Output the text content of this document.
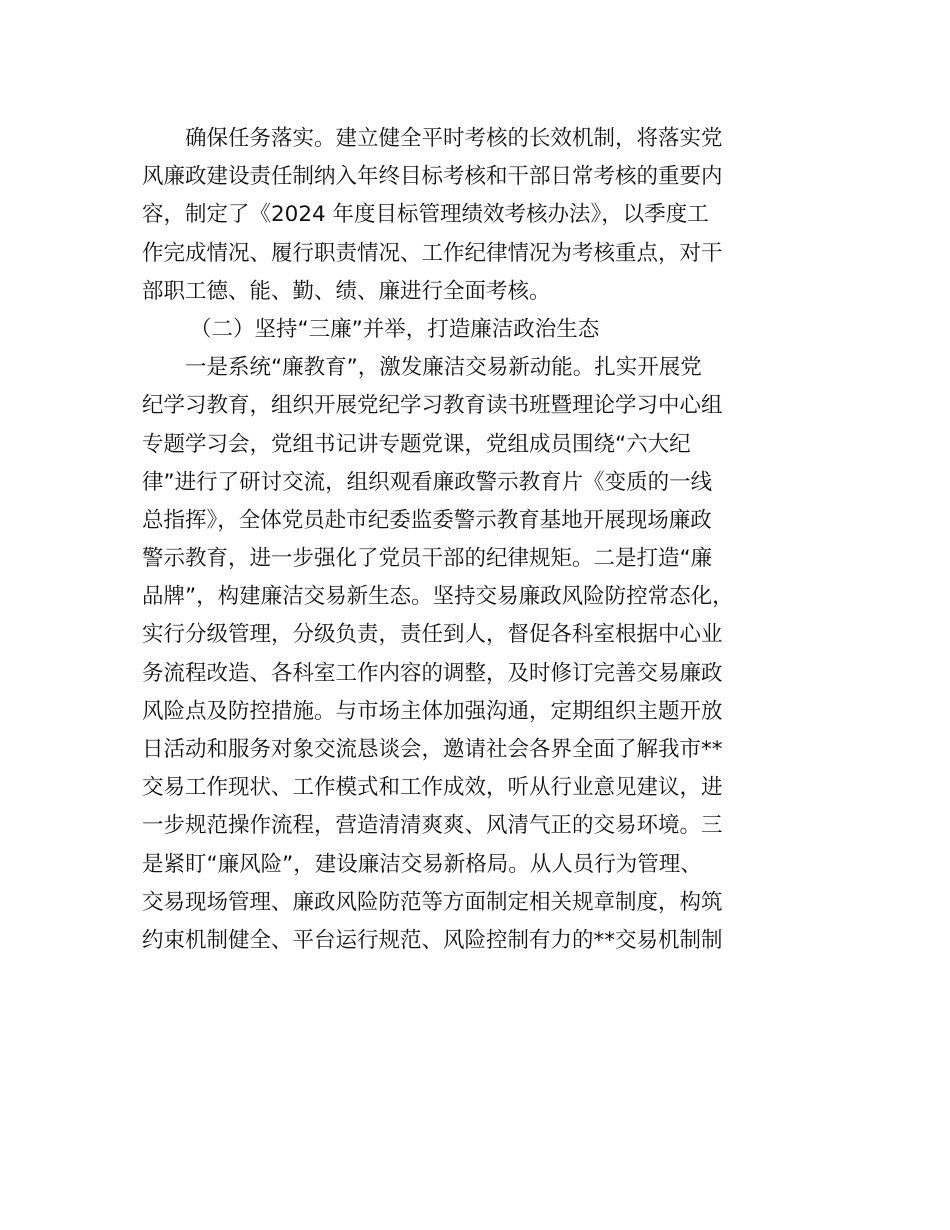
确保任务落实。建立健全平时考核的长效机制，将落实党
风廉政建设责任制纳入年终目标考核和干部日常考核的重要内
容，制定了《2024 年度目标管理绩效考核办法》，以季度工
作完成情况、履行职责情况、工作纪律情况为考核重点，对干
部职工德、能、勤、绩、廉进行全面考核。
（二）坚持“三廉”并举，打造廉洁政治生态
一是系统“廉教育”，激发廉洁交易新动能。扎实开展党
纪学习教育，组织开展党纪学习教育读书班暨理论学习中心组
专题学习会，党组书记讲专题党课，党组成员围绕“六大纪
律”进行了研讨交流，组织观看廉政警示教育片《变质的一线
总指挥》，全体党员赴市纪委监委警示教育基地开展现场廉政
警示教育，进一步强化了党员干部的纪律规矩。二是打造“廉
品牌”，构建廉洁交易新生态。坚持交易廉政风险防控常态化，
实行分级管理，分级负责，责任到人，督促各科室根据中心业
务流程改造、各科室工作内容的调整，及时修订完善交易廉政
风险点及防控措施。与市场主体加强沟通，定期组织主题开放
日活动和服务对象交流恳谈会，邀请社会各界全面了解我市**
交易工作现状、工作模式和工作成效，听从行业意见建议，进
一步规范操作流程，营造清清爽爽、风清气正的交易环境。三
是紧盯“廉风险”，建设廉洁交易新格局。从人员行为管理、
交易现场管理、廉政风险防范等方面制定相关规章制度，构筑
约束机制健全、平台运行规范、风险控制有力的**交易机制制
